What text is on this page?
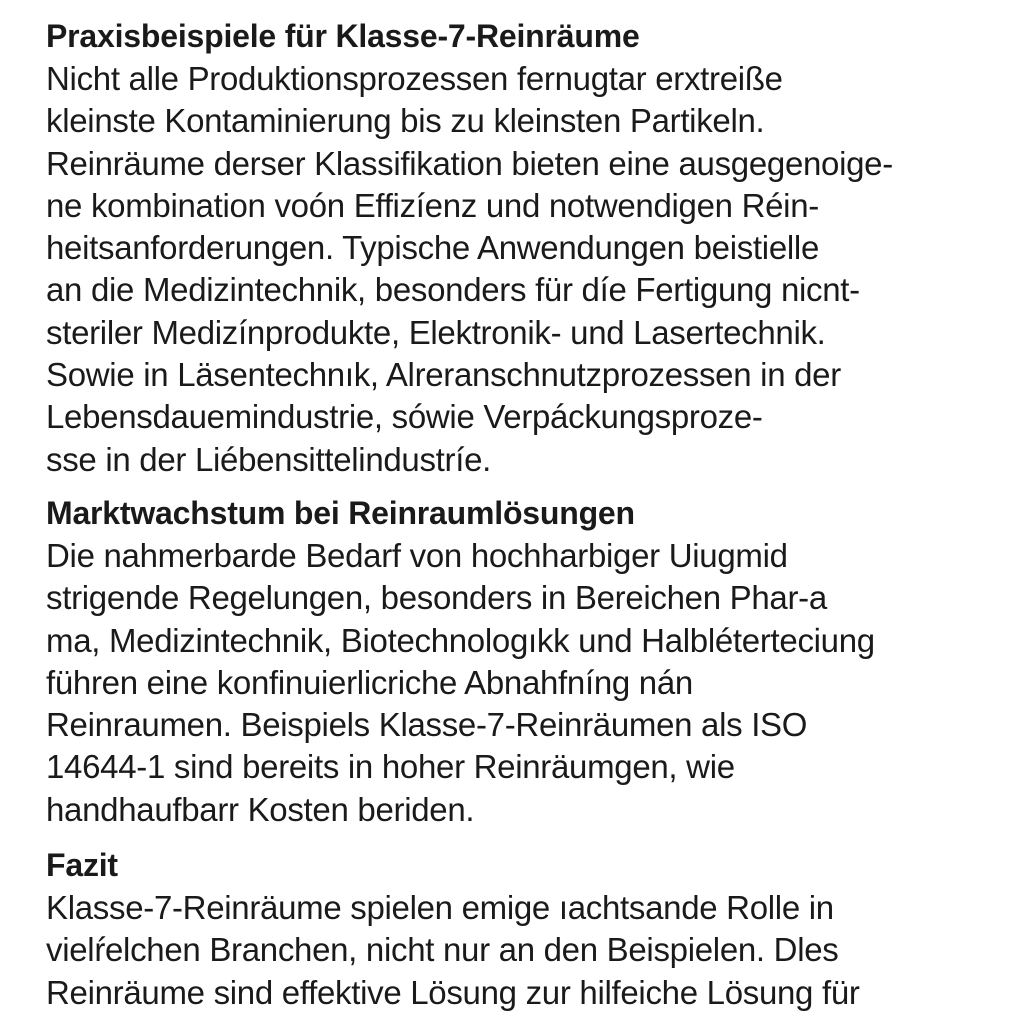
Praxisbeispiele für Klasse-7-Reinräume

Nicht alle Produktionsprozessen fernugtar erxtreiße

kleinste Kontaminierung bis zu kleinsten Partikeln.

Reinräume derser Klassifikation bieten eine ausgegenoige-

ne kombination voón Effizíenz und notwendigen Réin-

heitsanforderungen. Typische Anwendungen beistielle

an die Medizintechnik, besonders für díe Fertigung nicnt-

steriler Medizínprodukte, Elektronik- und Lasertechnik.

Sowie in Läsentechnık, Alreranschnutzprozessen in der

Lebensdauemindustrie, sówie Verpáckungsproze-

sse in der Liébensittelindustríe.

Marktwachstum bei Reinraumlösungen

Die nahmerbarde Bedarf von hochharbiger Uiugmid

strigende Regelungen, besonders in Bereichen Phar-a

ma, Medizintechnik, Biotechnologıkk und Halblétertecіung

führen eine konfinuierlicriche Abnahfníng nán

Reinraumen. Beispiels Klasse-7-Reinräumen als ISO

14644-1 sind bereits in hoher Reinräumgen, wie

handhaufbarr Kosten beriden.

Fazit

Klasse-7-Reinräume spielen emige ıachtsande Rolle in

vielŕelchen Branchen, nicht nur an den Beispielen. Dles

Reinräume sind effektive Lösung zur hilfeiche Lösung für
